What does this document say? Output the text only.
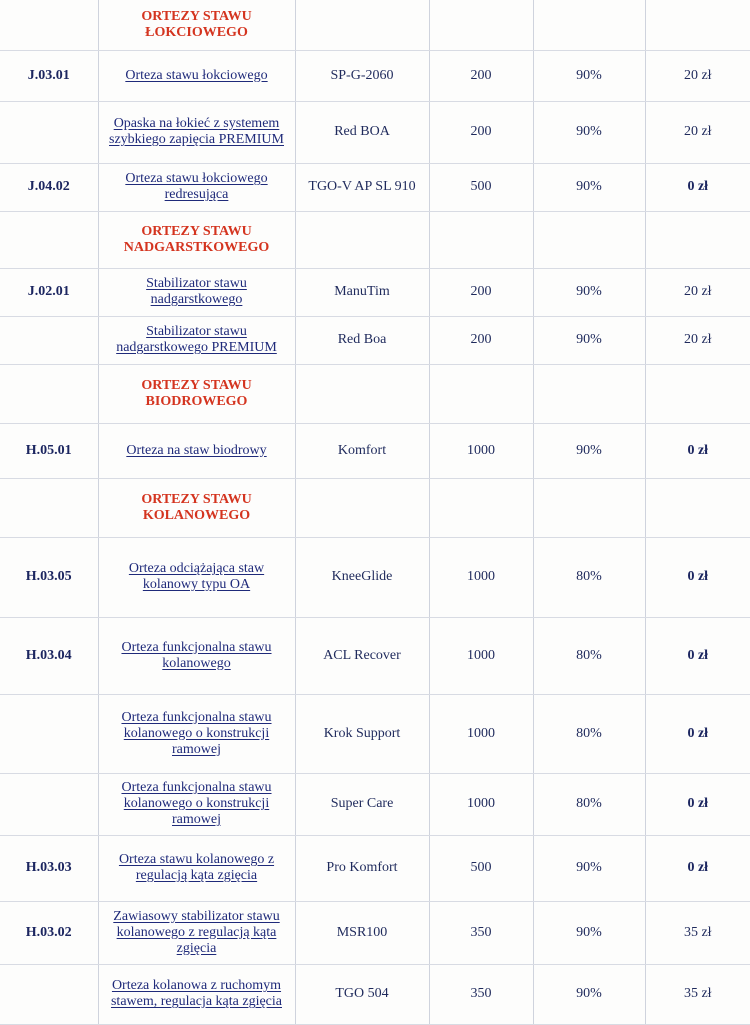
	ORTEZY STAWU
ŁOKCIOWEGO				

J.03.01	Orteza stawu łokciowego	SP-G-2060	200	90%	20 zł
	Opaska na łokieć z systemem szybkiego zapięcia PREMIUM	Red BOA	200	90%	20 zł
J.04.02	Orteza stawu łokciowego redresująca	TGO-V AP SL 910	500	90%	0 zł

	ORTEZY STAWU
NADGARSTKOWEGO				

J.02.01	Stabilizator stawu nadgarstkowego	ManuTim	200	90%	20 zł
	Stabilizator stawu nadgarstkowego PREMIUM	Red Boa	200	90%	20 zł

	ORTEZY STAWU
BIODROWEGO				

H.05.01	Orteza na staw biodrowy	Komfort	1000	90%	0 zł

	ORTEZY STAWU
KOLANOWEGO				

H.03.05	Orteza odciążająca staw kolanowy typu OA	KneeGlide	1000	80%	0 zł
H.03.04	Orteza funkcjonalna stawu kolanowego	ACL Recover	1000	80%	0 zł
	Orteza funkcjonalna stawu kolanowego o konstrukcji ramowej	Krok Support	1000	80%	0 zł
	Orteza funkcjonalna stawu kolanowego o konstrukcji ramowej	Super Care	1000	80%	0 zł
H.03.03	Orteza stawu kolanowego z regulacją kąta zgięcia	Pro Komfort	500	90%	0 zł
H.03.02	Zawiasowy stabilizator stawu kolanowego z regulacją kąta zgięcia	MSR100	350	90%	35 zł
	Orteza kolanowa z ruchomym stawem, regulacja kąta zgięcia	TGO 504	350	90%	35 zł
